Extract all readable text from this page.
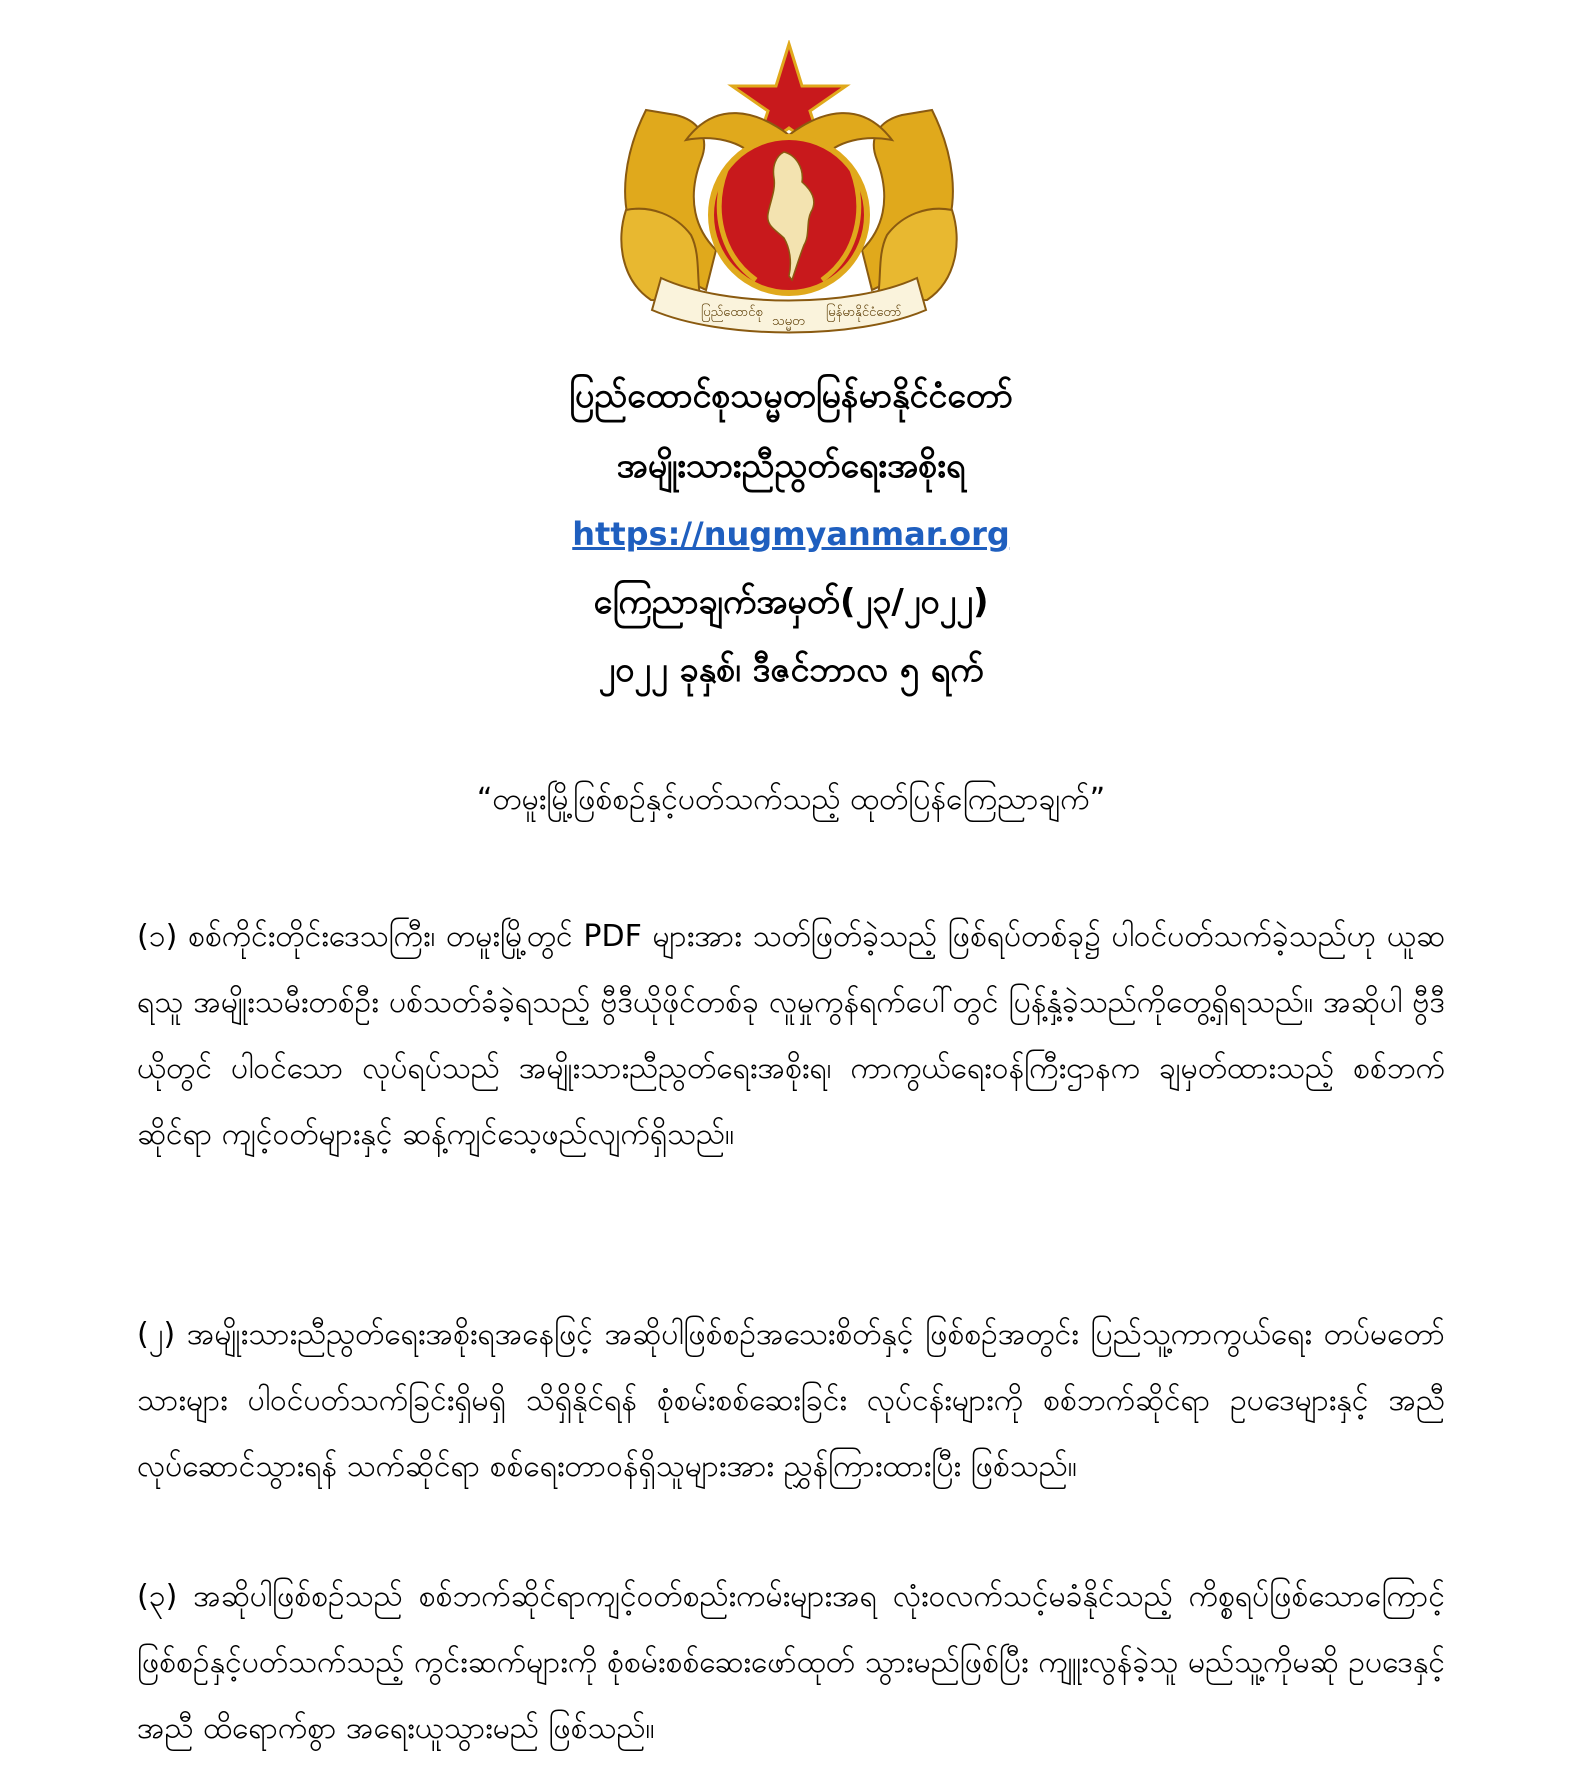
ပြည်ထောင်စု
သမ္မတ
မြန်မာနိုင်ငံတော်
ပြည်ထောင်စုသမ္မတမြန်မာနိုင်ငံတော်
အမျိုးသားညီညွတ်ရေးအစိုးရ
https://nugmyanmar.org
ကြေညာချက်အမှတ်(၂၃/၂၀၂၂)
၂၀၂၂ ခုနှစ်၊ ဒီဇင်ဘာလ ၅ ရက်
“တမူးမြို့ဖြစ်စဉ်နှင့်ပတ်သက်သည့် ထုတ်ပြန်ကြေညာချက်”
(၁) စစ်ကိုင်းတိုင်းဒေသကြီး၊ တမူးမြို့တွင် PDF များအား သတ်ဖြတ်ခဲ့သည့် ဖြစ်ရပ်တစ်ခု၌ ပါဝင်ပတ်သက်ခဲ့သည်ဟု ယူဆရသူ အမျိုးသမီးတစ်ဦး ပစ်သတ်ခံခဲ့ရသည့် ဗွီဒီယိုဖိုင်တစ်ခု လူမှုကွန်ရက်ပေါ်တွင် ပြန့်နှံ့ခဲ့သည်ကိုတွေ့ရှိရသည်။ အဆိုပါ ဗွီဒီယိုတွင် ပါဝင်သော လုပ်ရပ်သည် အမျိုးသားညီညွတ်ရေးအစိုးရ၊ ကာကွယ်ရေးဝန်ကြီးဌာနက ချမှတ်ထားသည့် စစ်ဘက်ဆိုင်ရာ ကျင့်ဝတ်များနှင့် ဆန့်ကျင်သေ့ဖည်လျက်ရှိသည်။
(၂) အမျိုးသားညီညွတ်ရေးအစိုးရအနေဖြင့် အဆိုပါဖြစ်စဉ်အသေးစိတ်နှင့် ဖြစ်စဉ်အတွင်း ပြည်သူ့ကာကွယ်ရေး တပ်မတော်သားများ ပါဝင်ပတ်သက်ခြင်းရှိမရှိ သိရှိနိုင်ရန် စုံစမ်းစစ်ဆေးခြင်း လုပ်ငန်းများကို စစ်ဘက်ဆိုင်ရာ ဥပဒေများနှင့် အညီလုပ်ဆောင်သွားရန် သက်ဆိုင်ရာ စစ်ရေးတာဝန်ရှိသူများအား ညွှန်ကြားထားပြီး ဖြစ်သည်။
(၃) အဆိုပါဖြစ်စဉ်သည် စစ်ဘက်ဆိုင်ရာကျင့်ဝတ်စည်းကမ်းများအရ လုံးဝလက်သင့်မခံနိုင်သည့် ကိစ္စရပ်ဖြစ်သောကြောင့် ဖြစ်စဉ်နှင့်ပတ်သက်သည့် ကွင်းဆက်များကို စုံစမ်းစစ်ဆေးဖော်ထုတ် သွားမည်ဖြစ်ပြီး ကျူးလွန်ခဲ့သူ မည်သူ့ကိုမဆို ဥပဒေနှင့်အညီ ထိရောက်စွာ အရေးယူသွားမည် ဖြစ်သည်။
